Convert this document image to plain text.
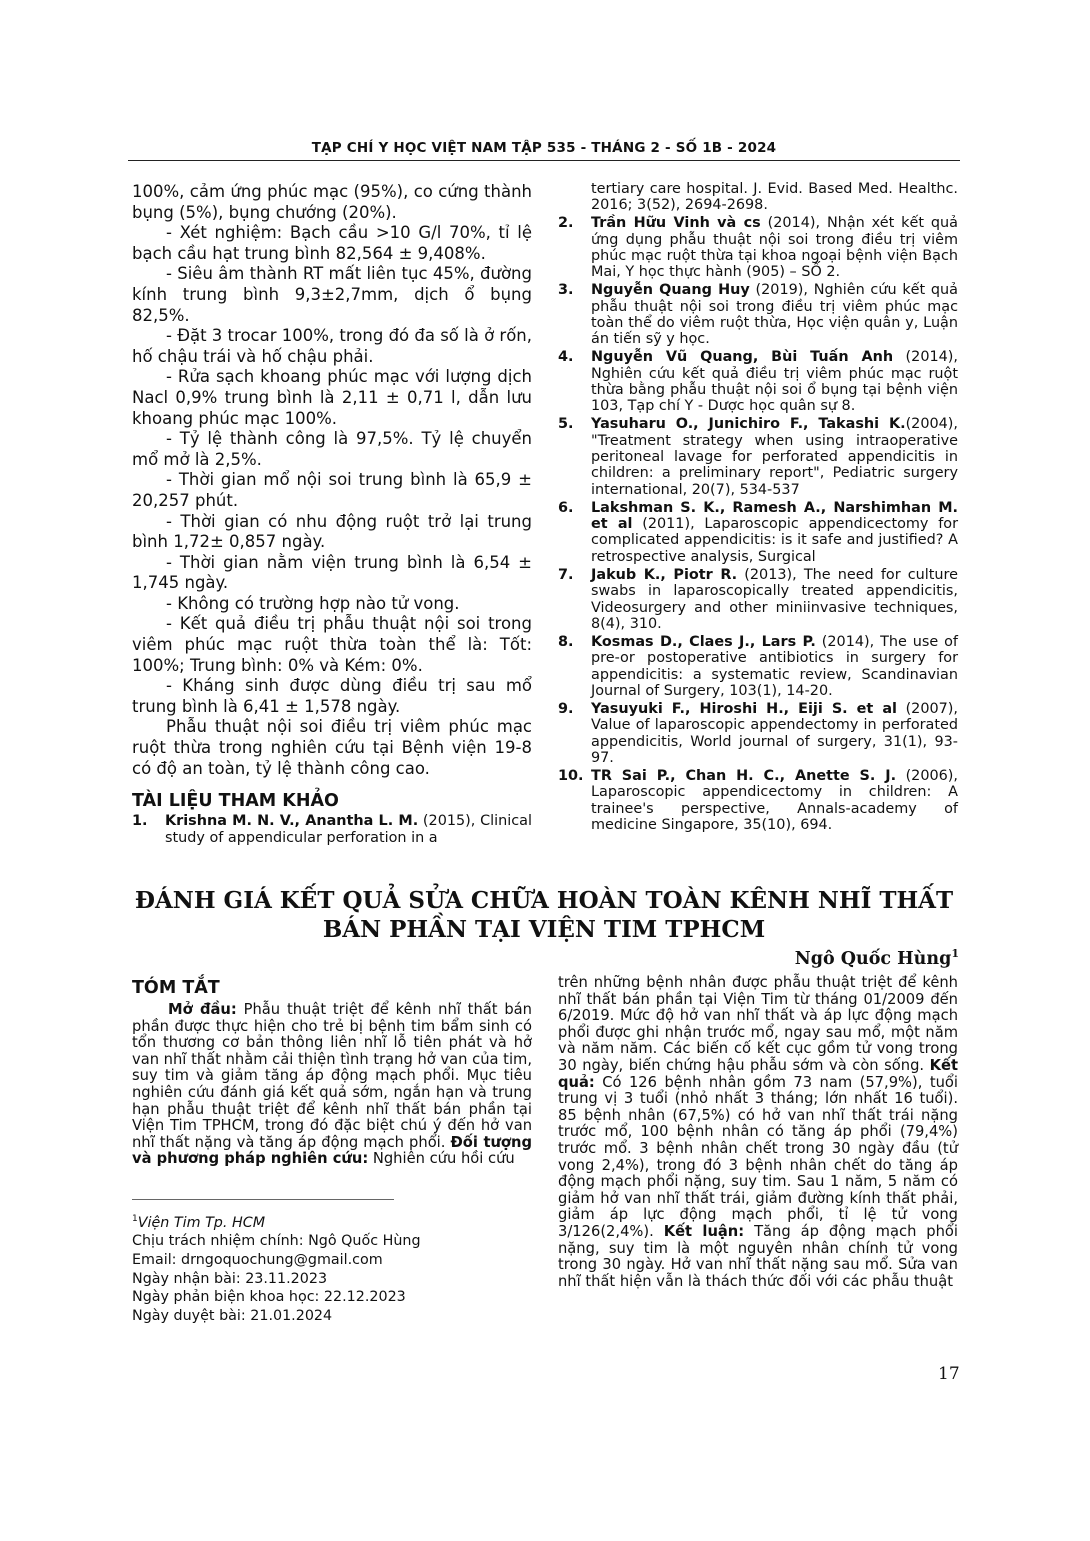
TẠP CHÍ Y HỌC VIỆT NAM TẬP 535 - THÁNG 2 - SỐ 1B - 2024

100%, cảm ứng phúc mạc (95%), co cứng thành bụng (5%), bụng chướng (20%).

- Xét nghiệm: Bạch cầu >10 G/l 70%, tỉ lệ bạch cầu hạt trung bình 82,564 ± 9,408%.

- Siêu âm thành RT mất liên tục 45%, đường kính trung bình 9,3±2,7mm, dịch ổ bụng 82,5%.

- Đặt 3 trocar 100%, trong đó đa số là ở rốn, hố chậu trái và hố chậu phải.

- Rửa sạch khoang phúc mạc với lượng dịch Nacl 0,9% trung bình là 2,11 ± 0,71 l, dẫn lưu khoang phúc mạc 100%.

- Tỷ lệ thành công là 97,5%. Tỷ lệ chuyển mổ mở là 2,5%.

- Thời gian mổ nội soi trung bình là 65,9 ± 20,257 phút.

- Thời gian có nhu động ruột trở lại trung bình 1,72± 0,857 ngày.

- Thời gian nằm viện trung bình là 6,54 ± 1,745 ngày.

- Không có trường hợp nào tử vong.

- Kết quả điều trị phẫu thuật nội soi trong viêm phúc mạc ruột thừa toàn thể là: Tốt: 100%; Trung bình: 0% và Kém: 0%.

- Kháng sinh được dùng điều trị sau mổ trung bình là 6,41 ± 1,578 ngày.

Phẫu thuật nội soi điều trị viêm phúc mạc ruột thừa trong nghiên cứu tại Bệnh viện 19-8 có độ an toàn, tỷ lệ thành công cao.

TÀI LIỆU THAM KHẢO
1. Krishna M. N. V., Anantha L. M. (2015), Clinical study of appendicular perforation in a
tertiary care hospital. J. Evid. Based Med. Healthc. 2016; 3(52), 2694-2698.
2. Trần Hữu Vinh và cs (2014), Nhận xét kết quả ứng dụng phẫu thuật nội soi trong điều trị viêm phúc mạc ruột thừa tại khoa ngoại bệnh viện Bạch Mai, Y học thực hành (905) – SỐ 2.
3. Nguyễn Quang Huy (2019), Nghiên cứu kết quả phẫu thuật nội soi trong điều trị viêm phúc mạc toàn thể do viêm ruột thừa, Học viện quân y, Luận án tiến sỹ y học.
4. Nguyễn Vũ Quang, Bùi Tuấn Anh (2014), Nghiên cứu kết quả điều trị viêm phúc mạc ruột thừa bằng phẫu thuật nội soi ổ bụng tại bệnh viện 103, Tạp chí Y - Dược học quân sự 8.
5. Yasuharu O., Junichiro F., Takashi K.(2004), "Treatment strategy when using intraoperative peritoneal lavage for perforated appendicitis in children: a preliminary report", Pediatric surgery international, 20(7), 534-537
6. Lakshman S. K., Ramesh A., Narshimhan M. et al (2011), Laparoscopic appendicectomy for complicated appendicitis: is it safe and justified? A retrospective analysis, Surgical
7. Jakub K., Piotr R. (2013), The need for culture swabs in laparoscopically treated appendicitis, Videosurgery and other miniinvasive techniques, 8(4), 310.
8. Kosmas D., Claes J., Lars P. (2014), The use of pre-or postoperative antibiotics in surgery for appendicitis: a systematic review, Scandinavian Journal of Surgery, 103(1), 14-20.
9. Yasuyuki F., Hiroshi H., Eiji S. et al (2007), Value of laparoscopic appendectomy in perforated appendicitis, World journal of surgery, 31(1), 93-97.
10. TR Sai P., Chan H. C., Anette S. J. (2006), Laparoscopic appendicectomy in children: A trainee's perspective, Annals-academy of medicine Singapore, 35(10), 694.
ĐÁNH GIÁ KẾT QUẢ SỬA CHỮA HOÀN TOÀN KÊNH NHĨ THẤT
BÁN PHẦN TẠI VIỆN TIM TPHCM
Ngô Quốc Hùng$^1$
TÓM TẮT

Mở đầu: Phẫu thuật triệt để kênh nhĩ thất bán phần được thực hiện cho trẻ bị bệnh tim bẩm sinh có tổn thương cơ bản thông liên nhĩ lỗ tiên phát và hở van nhĩ thất nhằm cải thiện tình trạng hở van của tim, suy tim và giảm tăng áp động mạch phổi. Mục tiêu nghiên cứu đánh giá kết quả sớm, ngắn hạn và trung hạn phẫu thuật triệt để kênh nhĩ thất bán phần tại Viện Tim TPHCM, trong đó đặc biệt chú ý đến hở van nhĩ thất nặng và tăng áp động mạch phổi. Đối tượng và phương pháp nghiên cứu: Nghiên cứu hồi cứu

trên những bệnh nhân được phẫu thuật triệt để kênh nhĩ thất bán phần tại Viện Tim từ tháng 01/2009 đến 6/2019. Mức độ hở van nhĩ thất và áp lực động mạch phổi được ghi nhận trước mổ, ngay sau mổ, một năm và năm năm. Các biến cố kết cục gồm tử vong trong 30 ngày, biến chứng hậu phẫu sớm và còn sống. Kết quả: Có 126 bệnh nhân gồm 73 nam (57,9%), tuổi trung vị 3 tuổi (nhỏ nhất 3 tháng; lớn nhất 16 tuổi). 85 bệnh nhân (67,5%) có hở van nhĩ thất trái nặng trước mổ, 100 bệnh nhân có tăng áp phổi (79,4%) trước mổ. 3 bệnh nhân chết trong 30 ngày đầu (tử vong 2,4%), trong đó 3 bệnh nhân chết do tăng áp động mạch phổi nặng, suy tim. Sau 1 năm, 5 năm có giảm hở van nhĩ thất trái, giảm đường kính thất phải, giảm áp lực động mạch phổi, tỉ lệ tử vong 3/126(2,4%). Kết luận: Tăng áp động mạch phổi nặng, suy tim là một nguyên nhân chính tử vong trong 30 ngày. Hở van nhĩ thất nặng sau mổ. Sửa van nhĩ thất hiện vẫn là thách thức đối với các phẫu thuật

$^1$Viện Tim Tp. HCM
Chịu trách nhiệm chính: Ngô Quốc Hùng
Email: drngoquochung@gmail.com
Ngày nhận bài: 23.11.2023
Ngày phản biện khoa học: 22.12.2023
Ngày duyệt bài: 21.01.2024
17
